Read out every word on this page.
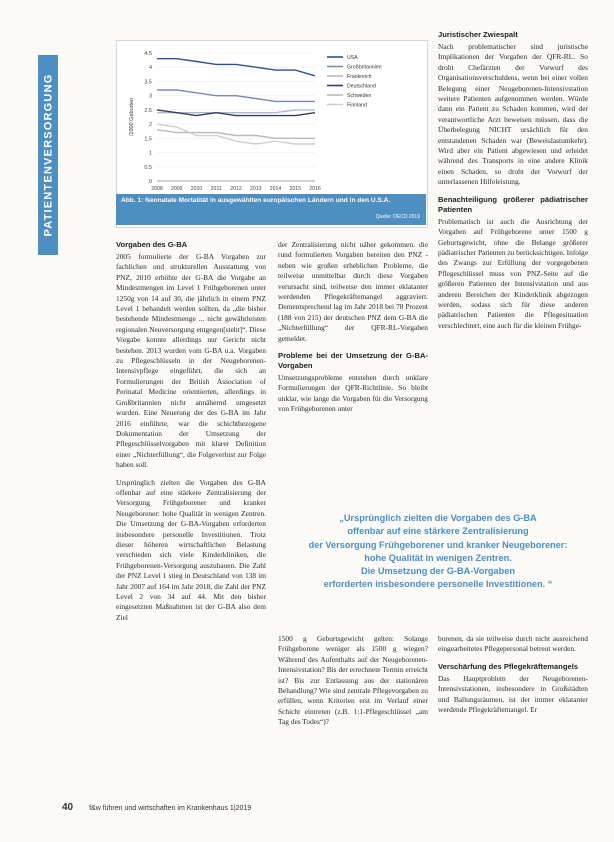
PATIENTENVERSORGUNG	0
0.5
1
1.5
2
2.5
3
3.5
4
4.5
2008 2009 2010 2011 2012 2013 2014 2015 2016
/1000 Geburten
USA
Großbritannien
Frankreich
Deutschland
Schweden
Finnland
Abb. 1: Neonatale Mortalität in ausgewählten europäischen Ländern und in den U.S.A.
Quelle: OECD 2019
Vorgaben des G-BA

2005 formulierte der G-BA Vorgaben zur fachlichen und strukturellen Ausstattung von PNZ, 2010 erhöhte der G-BA die Vorgabe an Mindestmengen im Level 1 Frühgeborenen unter 1250g von 14 auf 30, die jährlich in einem PNZ Level 1 behandelt werden sollten, da „die bisher bestehende Mindestmenge ... nicht gewährleisten regionalen Neuversorgung entgegen[steht]“. Diese Vorgabe konnte allerdings nur Gericht nicht bestehen. 2013 wurden vom G-BA u.a. Vorgaben zu Pflegeschlüsseln in der Neugeborenen-Intensivpflege eingeführt, die sich an Formulierungen der British Association of Perinatal Medicine orientierten, allerdings in Großbritannien nicht annähernd umgesetzt wurden. Eine Neuerung der des G-BA im Jahr 2016 einführte, war die schichtbezogene Dokumentation der Umsetzung der Pflegeschlüsselvorgaben mit klarer Definition einer „Nichterfüllung“, die Folgeverlust zur Folge haben soll.

Ursprünglich zielten die Vorgaben des G-BA offenbar auf eine stärkere Zentralisierung der Versorgung Frühgeborener und kranker Neugeborener: hohe Qualität in wenigen Zentren. Die Umsetzung der G-BA-Vorgaben erforderten insbesondere personelle Investitionen. Trotz dieser höheren wirtschaftlichen Belastung verschieden sich viele Kinderkliniken, die Frühgeborenen-Versorgung auszubauen. Die Zahl der PNZ Level 1 stieg in Deutschland von 138 im Jahr 2007 auf 164 im Jahr 2018, die Zahl der PNZ Level 2 von 34 auf 44. Mit den bisher eingesetzten Maßnahmen ist der G-BA also dem Ziel

der Zentralisierung nicht näher gekommen. die rund formulierten Vorgaben bereiten den PNZ - neben wie großen erheblichen Probleme, die teilweise unmittelbar durch diese Vorgaben verursacht sind, teilweise den immer eklatanter werdenden Pflegekräftemangel aggraviert. Dementsprechend lag im Jahr 2018 bei 78 Prozent (188 von 215) der deutschen PNZ dem G-BA die „Nichterfüllung“ der QFR-RL-Vorgaben gemeldet.

Probleme bei der Umsetzung der G-BA-Vorgaben

Umsetzungsprobleme entstehen durch unklare Formulierungen der QFR-Richtlinie. So bleibt unklar, wie lange die Vorgaben für die Versorgung von Frühgeborenen unter

Juristischer Zwiespalt

Nach problematischer sind juristische Implikationen der Vorgaben der QFR-RL. So droht Chefärzten der Vorwurf des Organisationsverschuldens, wenn bei einer vollen Belegung einer Neugeborenen-Intensivstation weitere Patienten aufgenommen werden. Würde dann ein Patient zu Schaden kommen, wird der verantwortliche Arzt beweisen müssen, dass die Überbelegung NICHT ursächlich für den entstandenen Schaden war (Beweislastumkehr). Wird aber ein Patient abgewiesen und erleidet während des Transports in eine andere Klinik einen Schaden, so droht der Vorwurf der unterlassenen Hilfeleistung.

Benachteiligung größerer pädiatrischer Patienten

Problematisch ist auch die Ausrichtung der Vorgaben auf Frühgeborene unter 1500 g Geburtsgewicht, ohne die Belange größerer pädiatrischer Patienten zu berücksichtigen. Infolge des Zwangs zur Erfüllung der vorgegebenen Pflegeschlüssel muss von PNZ-Seite auf die größeren Patienten der Intensivstation und aus anderen Bereichen der Kinderklinik abgezogen werden, sodass sich für diese anderen pädiatrischen Patienten die Pflegesituation verschlechtert, eine auch für die kleinen Frühge-

„Ursprünglich zielten die Vorgaben des G-BA
offenbar auf eine stärkere Zentralisierung
der Versorgung Frühgeborener und kranker Neugeborener:
hohe Qualität in wenigen Zentren.
Die Umsetzung der G-BA-Vorgaben
erforderten insbesondere personelle Investitionen. “

1500 g Geburtsgewicht gelten: Solange Frühgeborene weniger als 1500 g wiegen? Während des Aufenthalts auf der Neugeborenen-Intensivstation? Bis der errechnete Termin erreicht ist? Bis zur Entlassung aus der stationären Behandlung? Wie sind zentrale Pflegevorgaben zu erfüllen, wenn Kriterien erst im Verlauf einer Schicht eintreten (z.B. 1:1-Pflegeschlüssel „am Tag des Todes“)?

borenen, da sie teilweise durch nicht ausreichend eingearbeitetes Pflegepersonal betreut werden.

Verschärfung des Pflegekräftemangels

Das Hauptproblem der Neugeborenen-Intensivstationen, insbesondere in Großstädten und Ballungsräumen, ist der immer eklatanter werdende Pflegekräftemangel. Er

40 f&w führen und wirtschaften im Krankenhaus 1|2019
